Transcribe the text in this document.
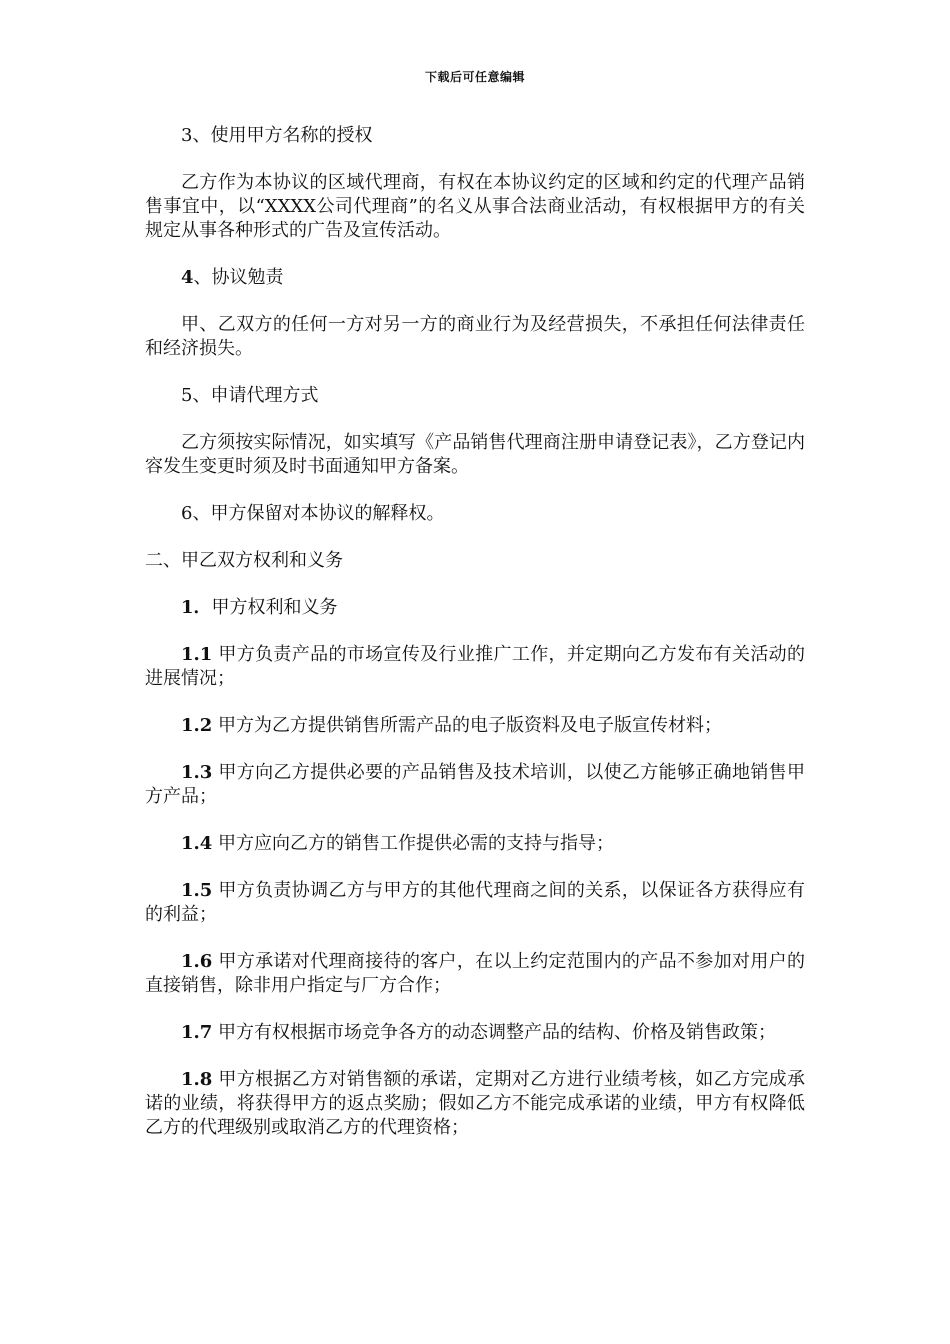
下载后可任意编辑

3、使用甲方名称的授权

乙方作为本协议的区域代理商，有权在本协议约定的区域和约定的代理产品销售事宜中，以“XXXX公司代理商”的名义从事合法商业活动，有权根据甲方的有关规定从事各种形式的广告及宣传活动。

4、协议勉责

甲、乙双方的任何一方对另一方的商业行为及经营损失，不承担任何法律责任和经济损失。

5、申请代理方式

乙方须按实际情况，如实填写《产品销售代理商注册申请登记表》，乙方登记内容发生变更时须及时书面通知甲方备案。

6、甲方保留对本协议的解释权。

二、甲乙双方权利和义务

1．甲方权利和义务

1.1 甲方负责产品的市场宣传及行业推广工作，并定期向乙方发布有关活动的进展情况；

1.2 甲方为乙方提供销售所需产品的电子版资料及电子版宣传材料；

1.3 甲方向乙方提供必要的产品销售及技术培训，以使乙方能够正确地销售甲方产品；

1.4 甲方应向乙方的销售工作提供必需的支持与指导；

1.5 甲方负责协调乙方与甲方的其他代理商之间的关系，以保证各方获得应有的利益；

1.6 甲方承诺对代理商接待的客户，在以上约定范围内的产品不参加对用户的直接销售，除非用户指定与厂方合作；

1.7 甲方有权根据市场竞争各方的动态调整产品的结构、价格及销售政策；

1.8 甲方根据乙方对销售额的承诺，定期对乙方进行业绩考核，如乙方完成承诺的业绩，将获得甲方的返点奖励；假如乙方不能完成承诺的业绩，甲方有权降低乙方的代理级别或取消乙方的代理资格；
